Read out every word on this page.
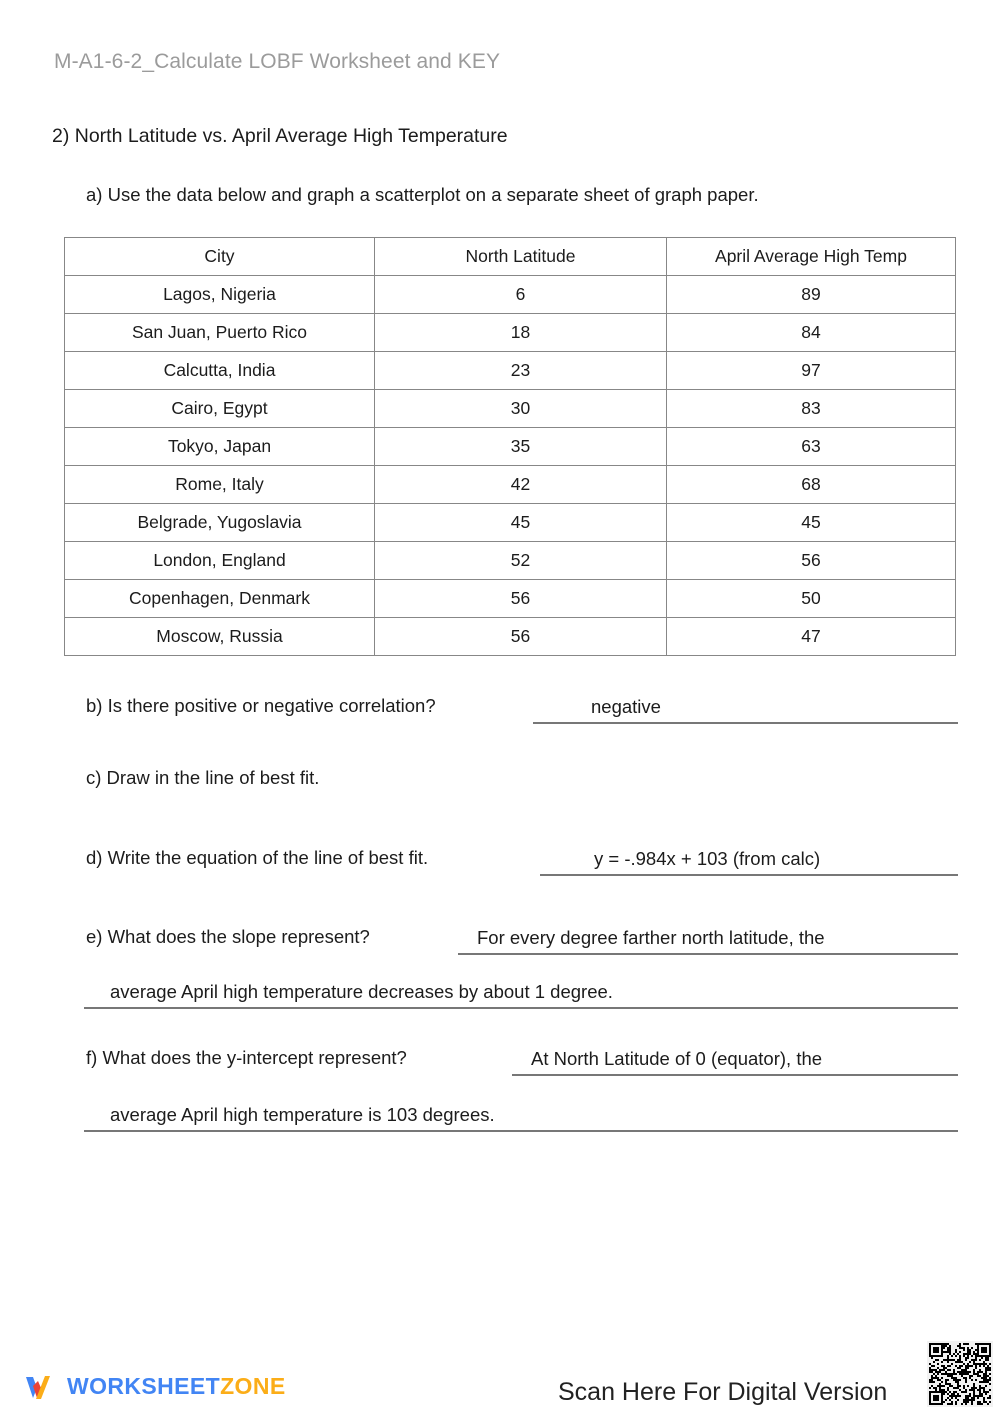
M-A1-6-2_Calculate LOBF Worksheet and KEY
2) North Latitude vs. April Average High Temperature
a) Use the data below and graph a scatterplot on a separate sheet of graph paper.
City	North Latitude	April Average High Temp
Lagos, Nigeria	6	89
San Juan, Puerto Rico	18	84
Calcutta, India	23	97
Cairo, Egypt	30	83
Tokyo, Japan	35	63
Rome, Italy	42	68
Belgrade, Yugoslavia	45	45
London, England	52	56
Copenhagen, Denmark	56	50
Moscow, Russia	56	47
b) Is there positive or negative correlation?	negative
c) Draw in the line of best fit.
d) Write the equation of the line of best fit.	y = -.984x + 103 (from calc)
e) What does the slope represent?	For every degree farther north latitude, the
average April high temperature decreases by about 1 degree.
f) What does the y-intercept represent?	At North Latitude of 0 (equator), the
average April high temperature is 103 degrees.
WORKSHEETZONE	Scan Here For Digital Version
